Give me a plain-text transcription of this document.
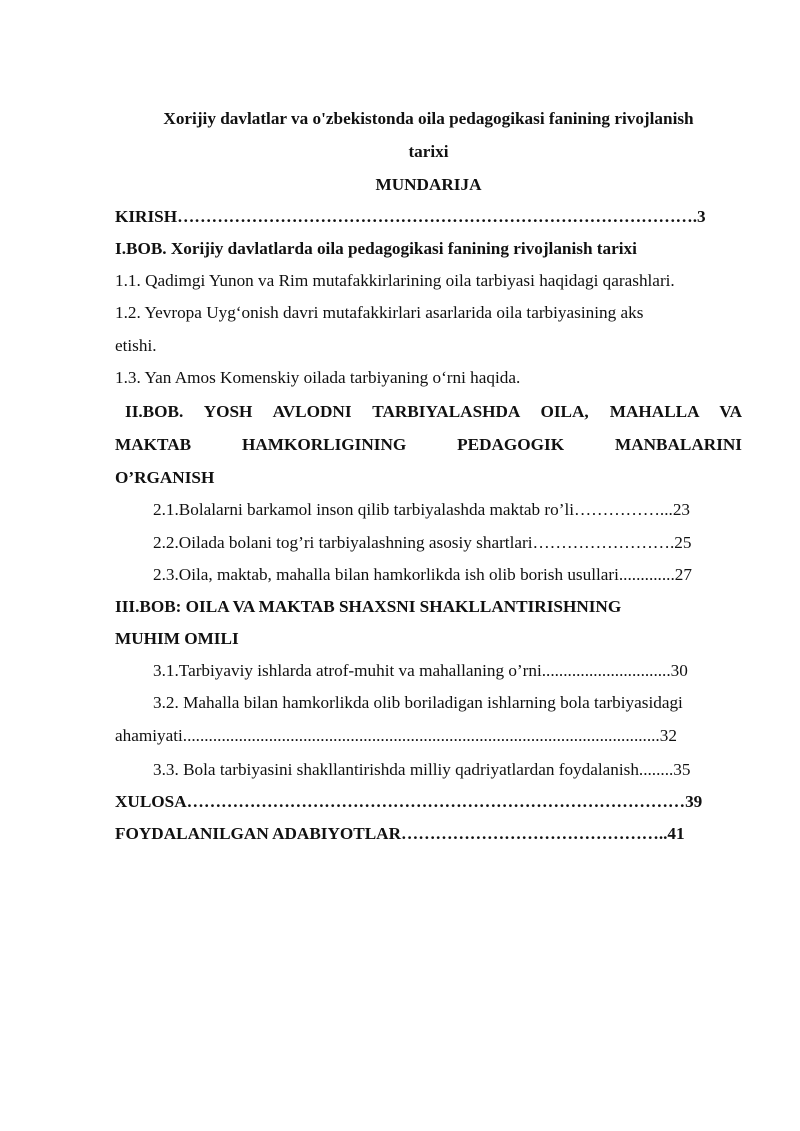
Xorijiy davlatlar va o'zbekistonda oila pedagogikasi fanining rivojlanish
tarixi
MUNDARIJA
KIRISH……………………………………………………………………………….3
I.BOB. Xorijiy davlatlarda oila pedagogikasi fanining rivojlanish tarixi
1.1. Qadimgi Yunon va Rim mutafakkirlarining oila tarbiyasi haqidagi qarashlari.
1.2. Yevropa Uyg‘onish davri mutafakkirlari asarlarida oila tarbiyasining aks
etishi.
1.3. Yan Amos Komenskiy oilada tarbiyaning o‘rni haqida.
II.BOB. YOSH AVLODNI TARBIYALASHDA OILA, MAHALLA VA
MAKTAB HAMKORLIGINING PEDAGOGIK MANBALARINI
O’RGANISH
2.1.Bolalarni barkamol inson qilib tarbiyalashda maktab ro’li……………...23
2.2.Oilada bolani tog’ri tarbiyalashning asosiy shartlari…………………….25
2.3.Oila, maktab, mahalla bilan hamkorlikda ish olib borish usullari.............27
III.BOB: OILA VA MAKTAB SHAXSNI SHAKLLANTIRISHNING
MUHIM OMILI
3.1.Tarbiyaviy ishlarda atrof-muhit va mahallaning o’rni..............................30
3.2. Mahalla bilan hamkorlikda olib boriladigan ishlarning bola tarbiyasidagi
ahamiyati...............................................................................................................32
3.3. Bola tarbiyasini shakllantirishda milliy qadriyatlardan foydalanish........35
XULOSA……………………………………………………………………………39
FOYDALANILGAN ADABIYOTLAR………………………………………..41
